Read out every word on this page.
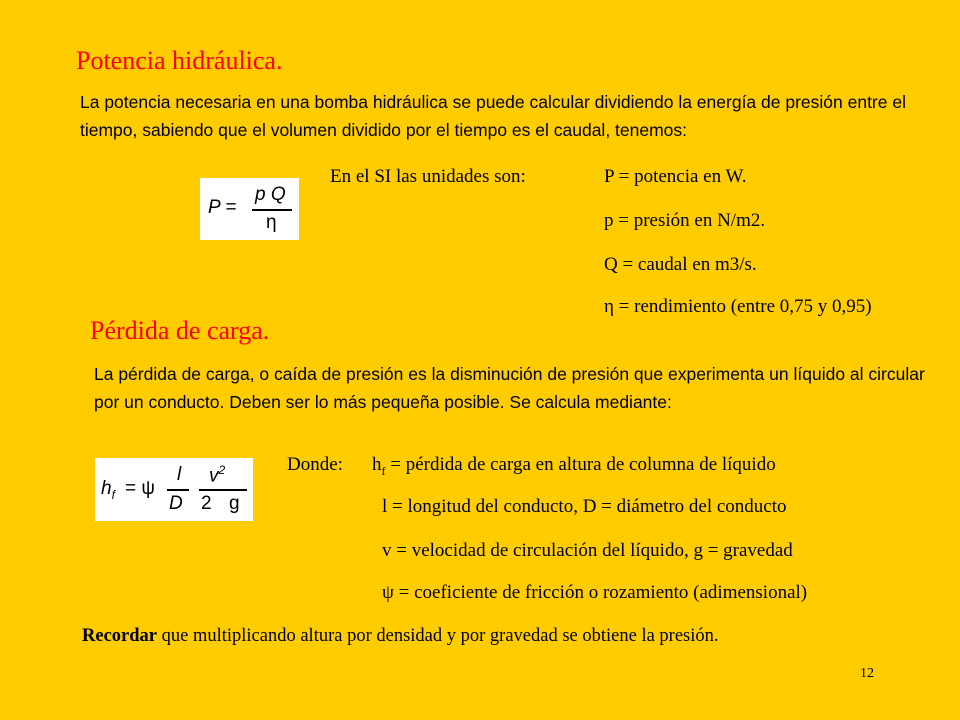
Potencia hidráulica.
La potencia necesaria en una bomba hidráulica se puede calcular dividiendo la energía de presión entre el tiempo, sabiendo que el volumen dividido por el tiempo es el caudal, tenemos:
P =
p Q
η
En el SI las unidades son:	P = potencia en W.
p = presión en N/m2.
Q = caudal en m3/s.
η = rendimiento (entre 0,75 y 0,95)
Pérdida de carga.
La pérdida de carga, o caída de presión es la disminución de presión que experimenta un líquido al circular por un conducto. Deben ser lo más pequeña posible. Se calcula mediante:
$h_f = \psi$
l
D
$v^2$
2 g
Donde: $h_f$ = pérdida de carga en altura de columna de líquido
l = longitud del conducto, D = diámetro del conducto
v = velocidad de circulación del líquido, g = gravedad
ψ = coeficiente de fricción o rozamiento (adimensional)
Recordar que multiplicando altura por densidad y por gravedad se obtiene la presión.
12
